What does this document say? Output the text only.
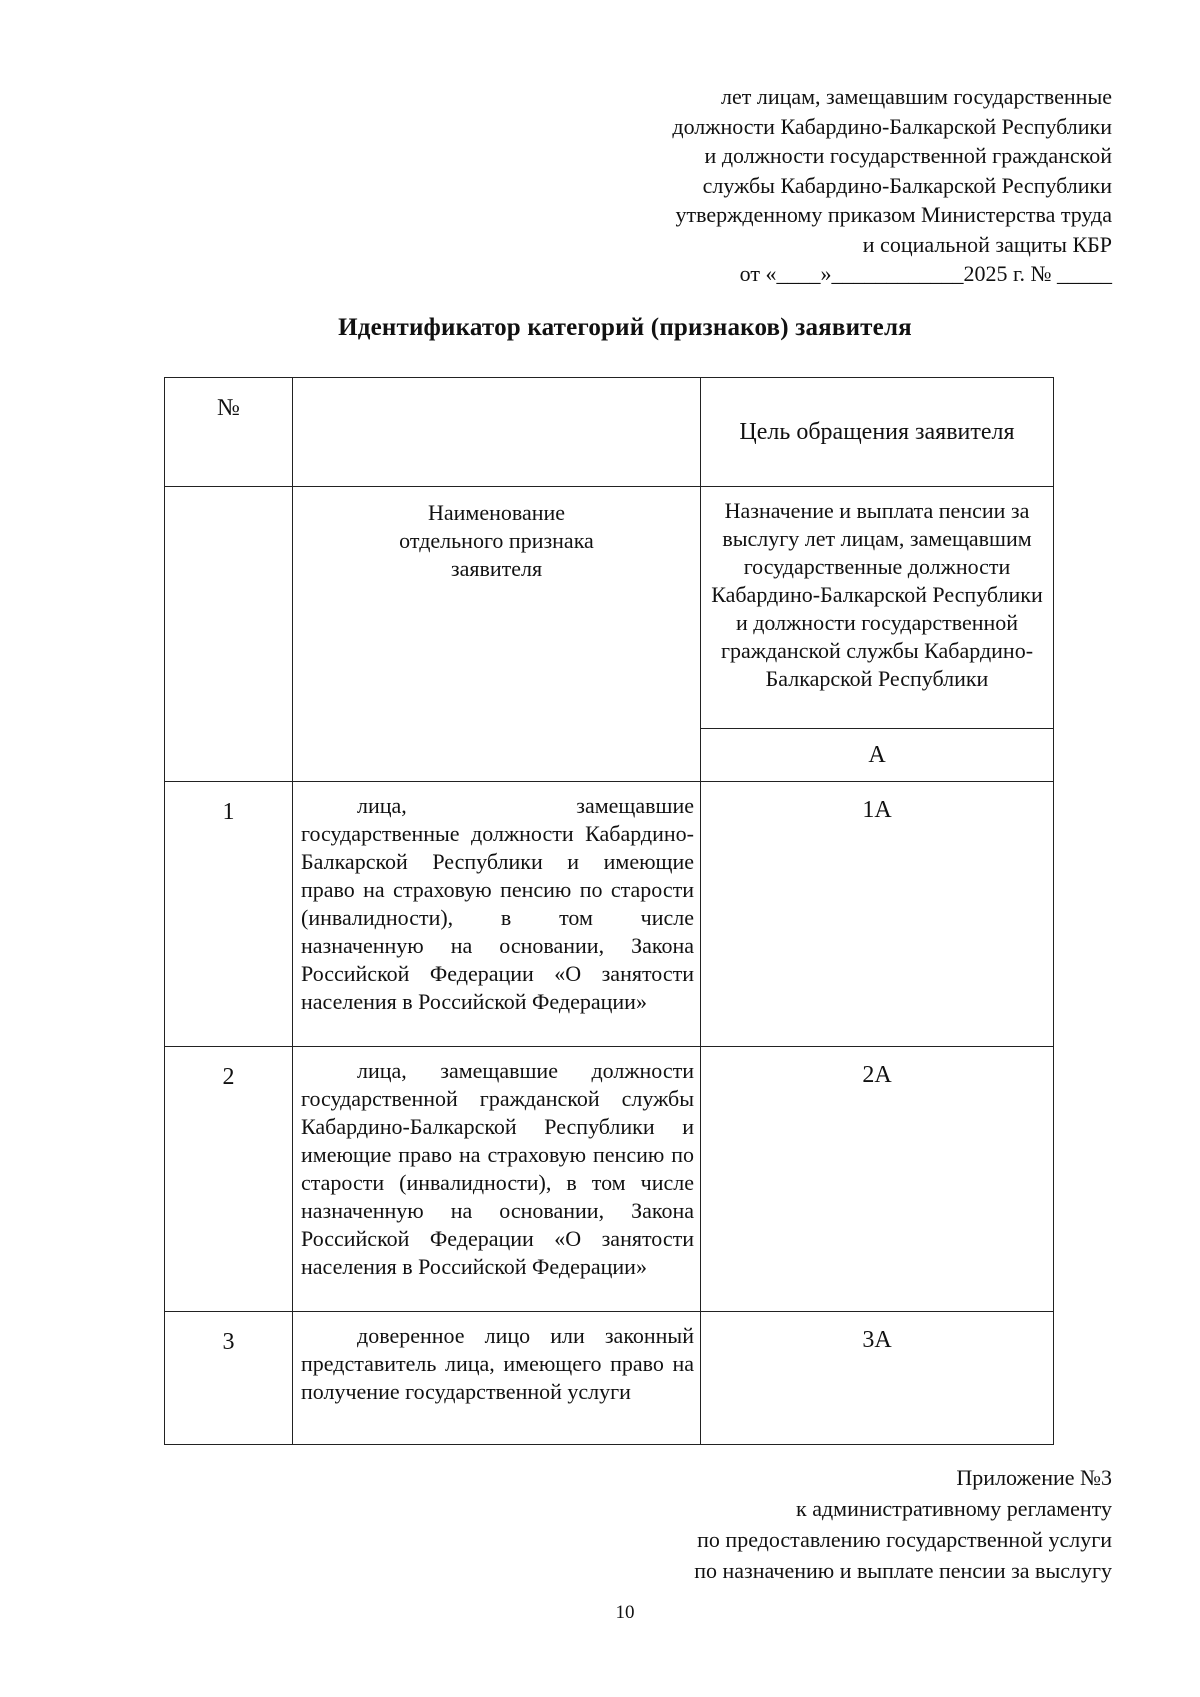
лет лицам, замещавшим государственные
должности Кабардино-Балкарской Республики
и должности государственной гражданской
службы Кабардино-Балкарской Республики
утвержденному приказом Министерства труда
и социальной защиты КБР
от «____»____________2025 г. № _____
Идентификатор категорий (признаков) заявителя
№		Цель обращения заявителя
	Наименование
отдельного признака
заявителя	Назначение и выплата пенсии за выслугу лет лицам, замещавшим государственные должности Кабардино-Балкарской Республики и должности государственной гражданской службы Кабардино-Балкарской Республики
		А
1	лица, замещавшие государственные должности Кабардино-Балкарской Республики и имеющие право на страховую пенсию по старости (инвалидности), в том числе назначенную на основании, Закона Российской Федерации «О занятости населения в Российской Федерации»	1А
2	лица, замещавшие должности государственной гражданской службы Кабардино-Балкарской Республики и имеющие право на страховую пенсию по старости (инвалидности), в том числе назначенную на основании, Закона Российской Федерации «О занятости населения в Российской Федерации»	2А
3	доверенное лицо или законный представитель лица, имеющего право на получение государственной услуги	3А
Приложение №3
к административному регламенту
по предоставлению государственной услуги
по назначению и выплате пенсии за выслугу
10
